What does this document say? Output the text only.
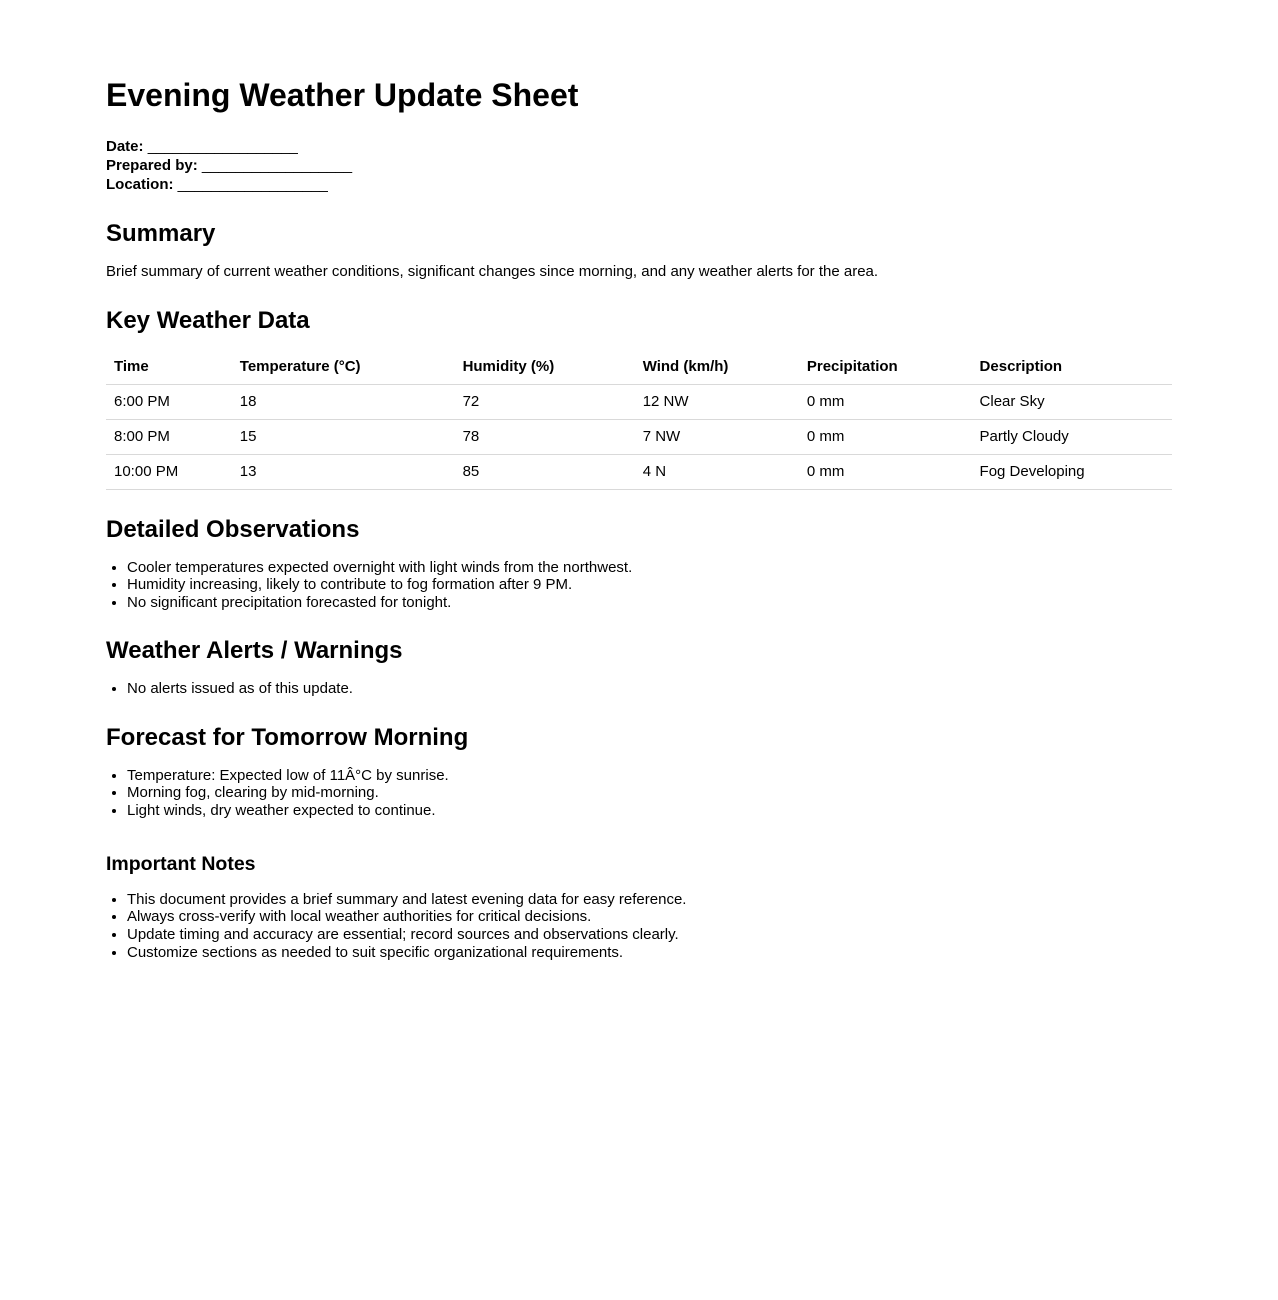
Evening Weather Update Sheet
Date: __________________
Prepared by: __________________
Location: __________________
Summary

Brief summary of current weather conditions, significant changes since morning, and any weather alerts for the area.

Key Weather Data
Time	Temperature (°C)	Humidity (%)	Wind (km/h)	Precipitation	Description
6:00 PM	18	72	12 NW	0 mm	Clear Sky
8:00 PM	15	78	7 NW	0 mm	Partly Cloudy
10:00 PM	13	85	4 N	0 mm	Fog Developing
Detailed Observations
• Cooler temperatures expected overnight with light winds from the northwest.
• Humidity increasing, likely to contribute to fog formation after 9 PM.
• No significant precipitation forecasted for tonight.
Weather Alerts / Warnings
• No alerts issued as of this update.
Forecast for Tomorrow Morning
• Temperature: Expected low of 11Â°C by sunrise.
• Morning fog, clearing by mid-morning.
• Light winds, dry weather expected to continue.
Important Notes
• This document provides a brief summary and latest evening data for easy reference.
• Always cross-verify with local weather authorities for critical decisions.
• Update timing and accuracy are essential; record sources and observations clearly.
• Customize sections as needed to suit specific organizational requirements.
